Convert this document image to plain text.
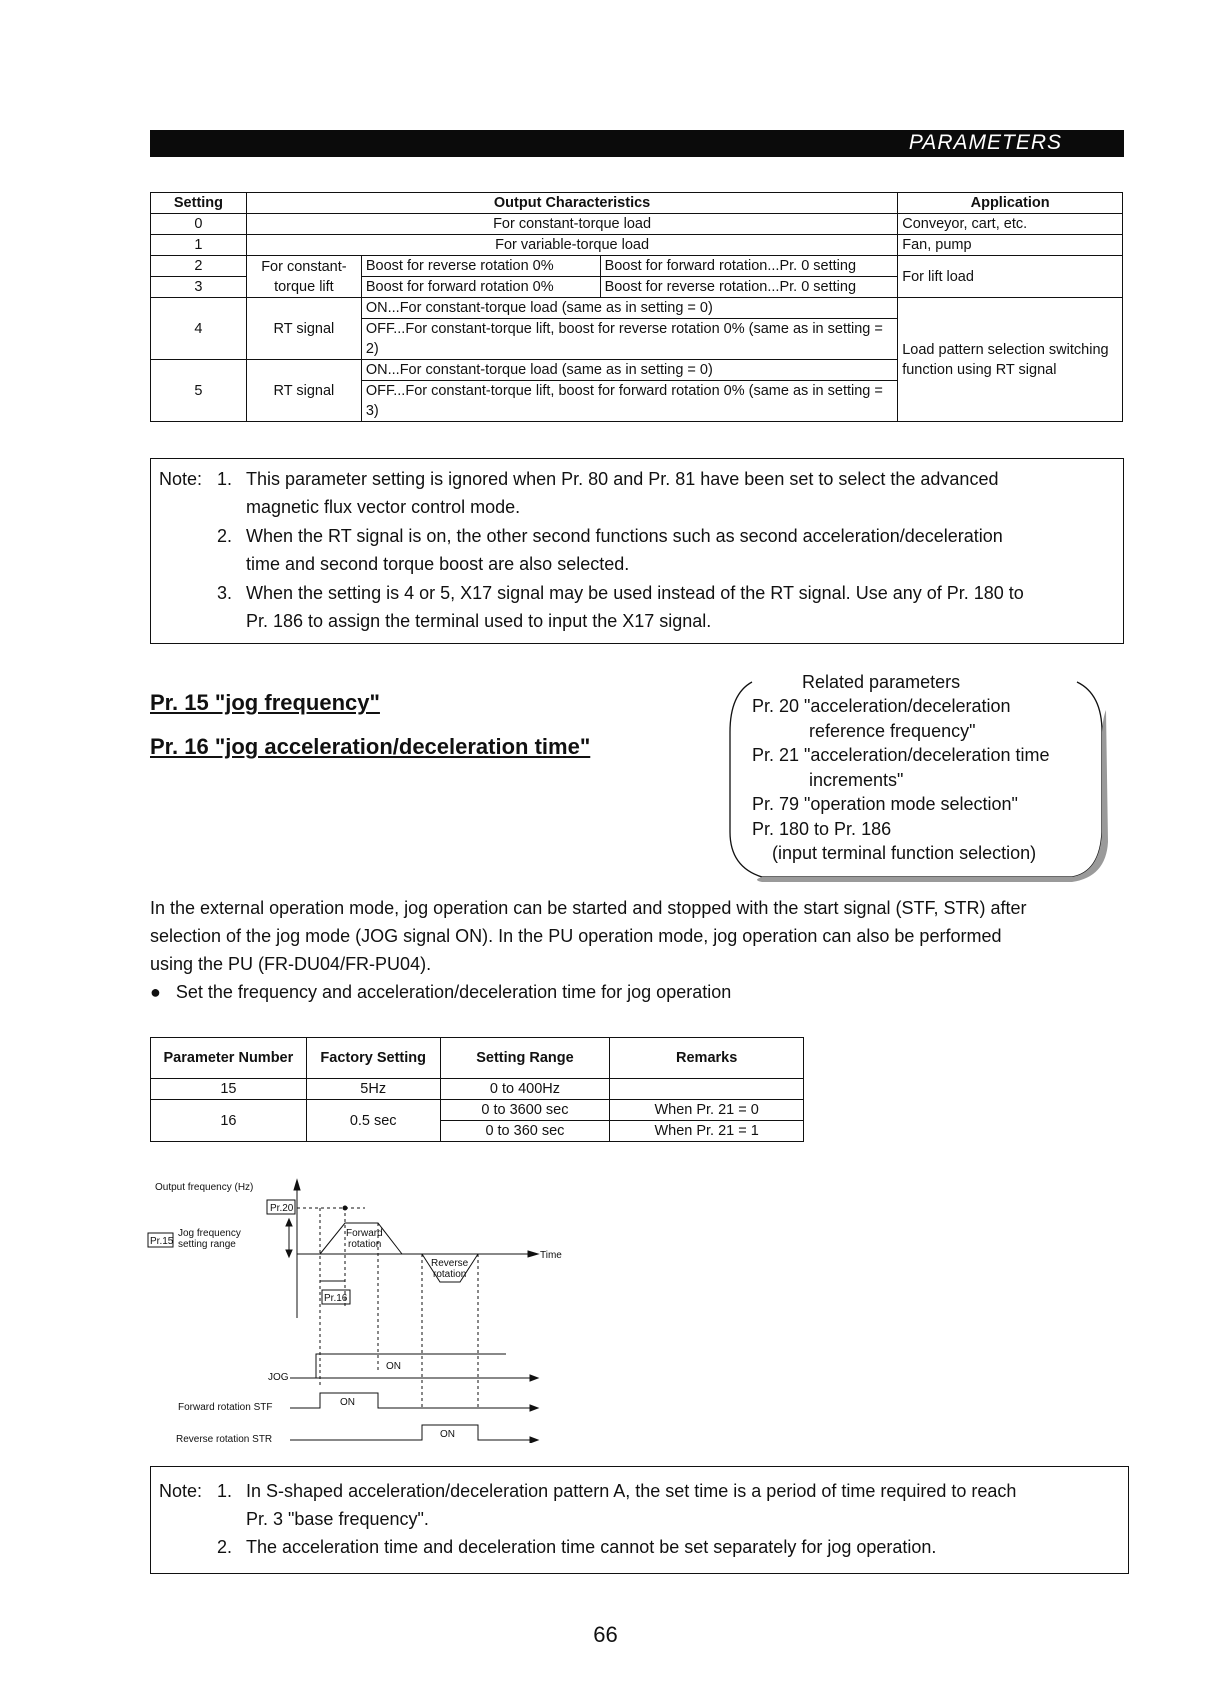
PARAMETERS
Setting	Output Characteristics			Application
0	For constant-torque load			Conveyor, cart, etc.
1	For variable-torque load			Fan, pump
2	For constant-torque lift	Boost for reverse rotation 0%	Boost for forward rotation...Pr. 0 setting	For lift load
3		Boost for forward rotation 0%	Boost for reverse rotation...Pr. 0 setting	
4	RT signal	ON...For constant-torque load (same as in setting = 0)		Load pattern selection switching function using RT signal
		OFF...For constant-torque lift, boost for reverse rotation 0% (same as in setting = 2)		
5	RT signal	ON...For constant-torque load (same as in setting = 0)		
		OFF...For constant-torque lift, boost for forward rotation 0% (same as in setting = 3)		
Note: 1. This parameter setting is ignored when Pr. 80 and Pr. 81 have been set to select the advanced
magnetic flux vector control mode.
2. When the RT signal is on, the other second functions such as second acceleration/deceleration
time and second torque boost are also selected.
3. When the setting is 4 or 5, X17 signal may be used instead of the RT signal. Use any of Pr. 180 to
Pr. 186 to assign the terminal used to input the X17 signal.
Pr. 15 "jog frequency"
Pr. 16 "jog acceleration/deceleration time"
Related parameters
Pr. 20 "acceleration/deceleration
reference frequency"
Pr. 21 "acceleration/deceleration time
increments"
Pr. 79 "operation mode selection"
Pr. 180 to Pr. 186
(input terminal function selection)
In the external operation mode, jog operation can be started and stopped with the start signal (STF, STR) after
selection of the jog mode (JOG signal ON). In the PU operation mode, jog operation can also be performed
using the PU (FR-DU04/FR-PU04).
● Set the frequency and acceleration/deceleration time for jog operation
Parameter Number	Factory Setting	Setting Range	Remarks
15	5Hz	0 to 400Hz	
16	0.5 sec	0 to 3600 sec	When Pr. 21 = 0
		0 to 360 sec	When Pr. 21 = 1
Output frequency (Hz)
Pr.20
Pr.15
Jog frequency
setting range
Forward
rotation
Reverse
rotation
Time
Pr.16
JOG
ON
Forward rotation STF	ON
Reverse rotation STR	ON
Note: 1. In S-shaped acceleration/deceleration pattern A, the set time is a period of time required to reach
Pr. 3 "base frequency".
2. The acceleration time and deceleration time cannot be set separately for jog operation.
66
